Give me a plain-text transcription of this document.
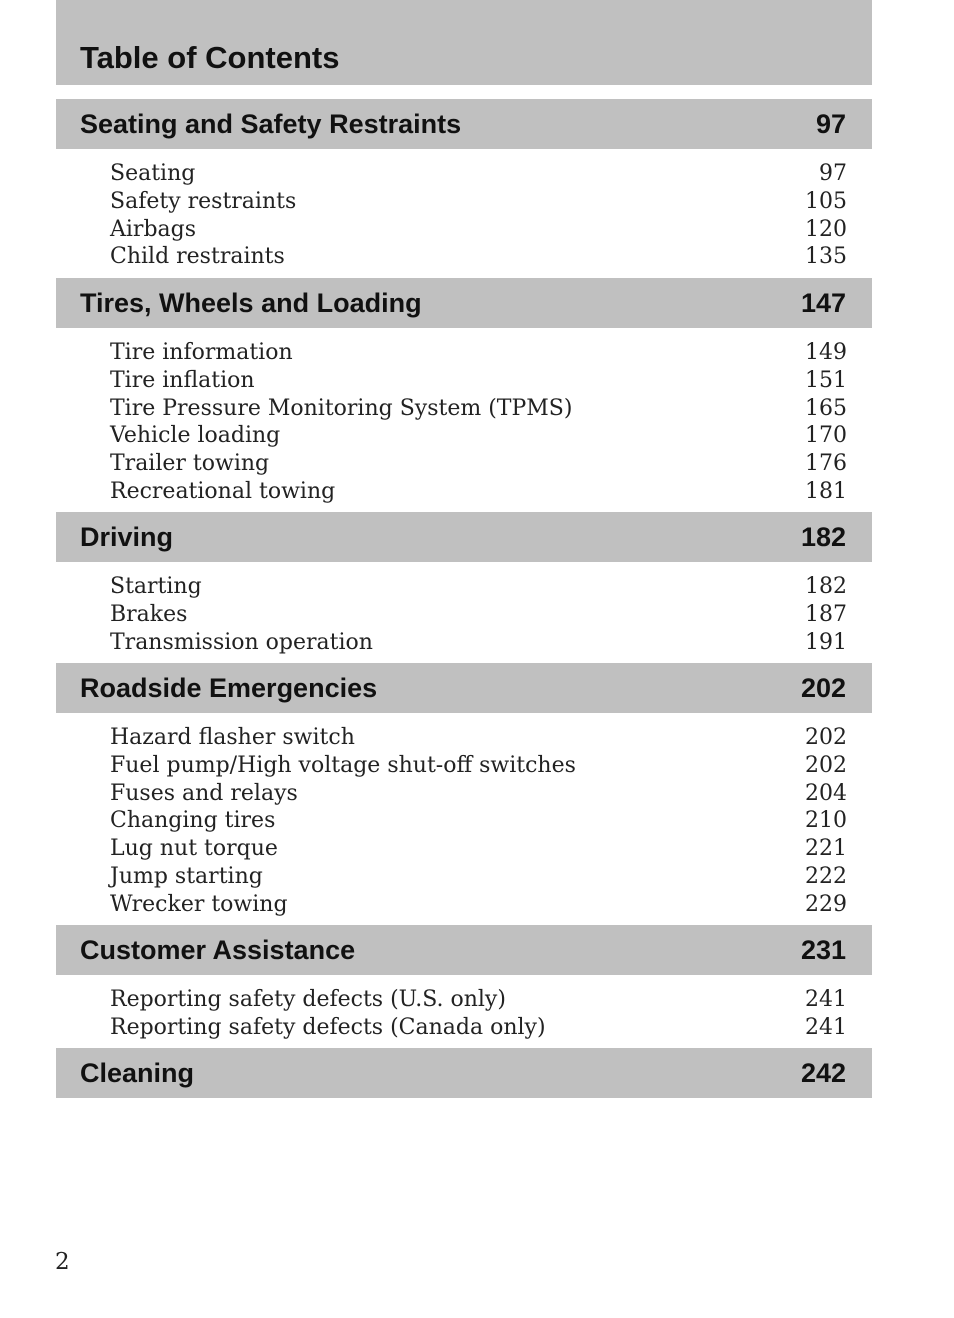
Table of Contents
Seating and Safety Restraints	97
Seating	97
Safety restraints	105
Airbags	120
Child restraints	135
Tires, Wheels and Loading	147
Tire information	149
Tire inflation	151
Tire Pressure Monitoring System (TPMS)	165
Vehicle loading	170
Trailer towing	176
Recreational towing	181
Driving	182
Starting	182
Brakes	187
Transmission operation	191
Roadside Emergencies	202
Hazard flasher switch	202
Fuel pump/High voltage shut-off switches	202
Fuses and relays	204
Changing tires	210
Lug nut torque	221
Jump starting	222
Wrecker towing	229
Customer Assistance	231
Reporting safety defects (U.S. only)	241
Reporting safety defects (Canada only)	241
Cleaning	242
2
